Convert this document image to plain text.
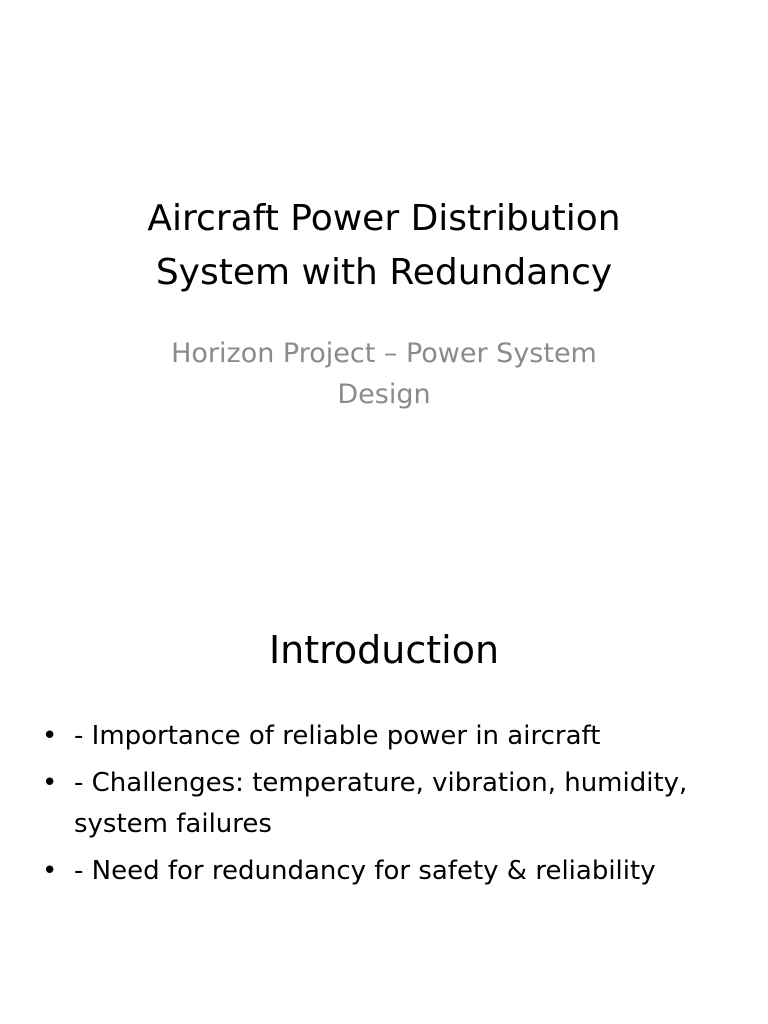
Aircraft Power Distribution
System with Redundancy
Horizon Project – Power System
Design
Introduction
• - Importance of reliable power in aircraft
• - Challenges: temperature, vibration, humidity,
system failures
• - Need for redundancy for safety & reliability
